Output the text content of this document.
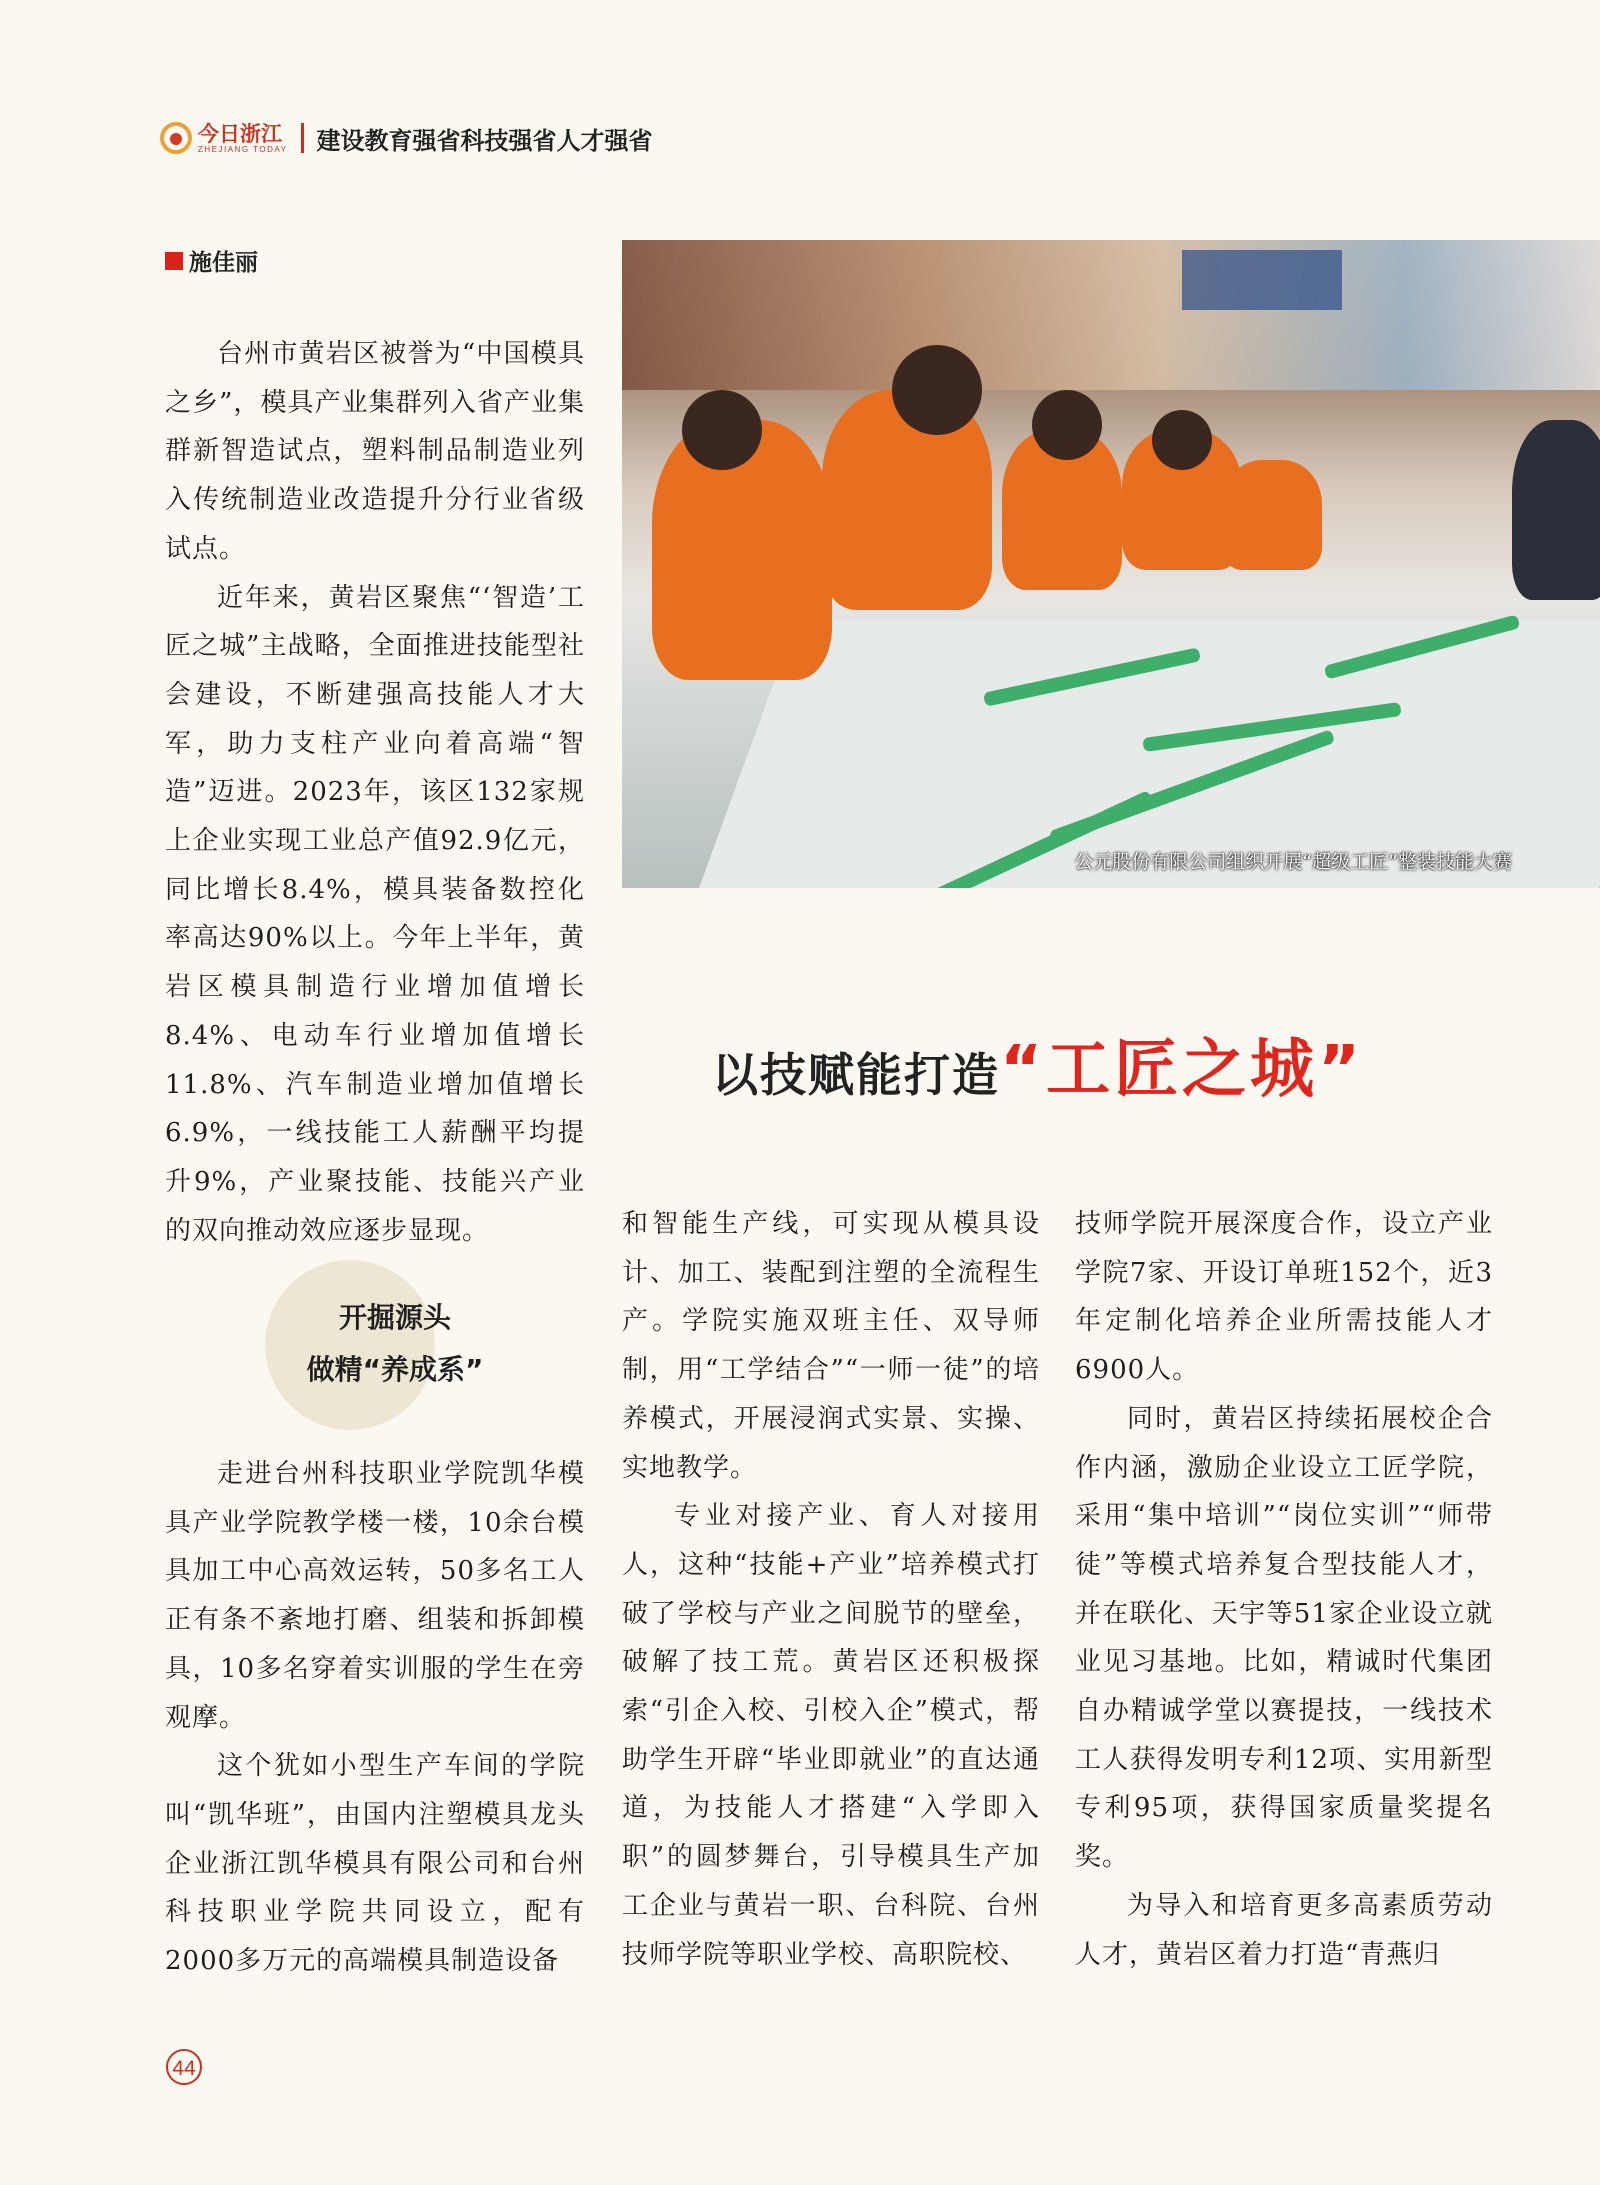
今日浙江
ZHEJIANG TODAY 建设教育强省科技强省人才强省
施佳丽
公元股份有限公司组织开展“超级工匠”整装技能大赛
以技赋能打造 “工匠之城”

台州市黄岩区被誉为“中国模具之乡”，模具产业集群列入省产业集群新智造试点，塑料制品制造业列入传统制造业改造提升分行业省级试点。

近年来，黄岩区聚焦“‘智造’工匠之城”主战略，全面推进技能型社会建设，不断建强高技能人才大军，助力支柱产业向着高端“智造”迈进。2023年，该区132家规上企业实现工业总产值92.9亿元，同比增长8.4%，模具装备数控化率高达90%以上。今年上半年，黄岩区模具制造行业增加值增长8.4%、电动车行业增加值增长11.8%、汽车制造业增加值增长6.9%，一线技能工人薪酬平均提升9%，产业聚技能、技能兴产业的双向推动效应逐步显现。

开掘源头
做精“养成系”

走进台州科技职业学院凯华模具产业学院教学楼一楼，10余台模具加工中心高效运转，50多名工人正有条不紊地打磨、组装和拆卸模具，10多名穿着实训服的学生在旁观摩。

这个犹如小型生产车间的学院叫“凯华班”，由国内注塑模具龙头企业浙江凯华模具有限公司和台州科技职业学院共同设立，配有2000多万元的高端模具制造设备

和智能生产线，可实现从模具设计、加工、装配到注塑的全流程生产。学院实施双班主任、双导师制，用“工学结合”“一师一徒”的培养模式，开展浸润式实景、实操、实地教学。

专业对接产业、育人对接用人，这种“技能+产业”培养模式打破了学校与产业之间脱节的壁垒，破解了技工荒。黄岩区还积极探索“引企入校、引校入企”模式，帮助学生开辟“毕业即就业”的直达通道，为技能人才搭建“入学即入职”的圆梦舞台，引导模具生产加工企业与黄岩一职、台科院、台州技师学院等职业学校、高职院校、

技师学院开展深度合作，设立产业学院7家、开设订单班152个，近3年定制化培养企业所需技能人才6900人。

同时，黄岩区持续拓展校企合作内涵，激励企业设立工匠学院，采用“集中培训”“岗位实训”“师带徒”等模式培养复合型技能人才，并在联化、天宇等51家企业设立就业见习基地。比如，精诚时代集团自办精诚学堂以赛提技，一线技术工人获得发明专利12项、实用新型专利95项，获得国家质量奖提名奖。

为导入和培育更多高素质劳动人才，黄岩区着力打造“青燕归

44
